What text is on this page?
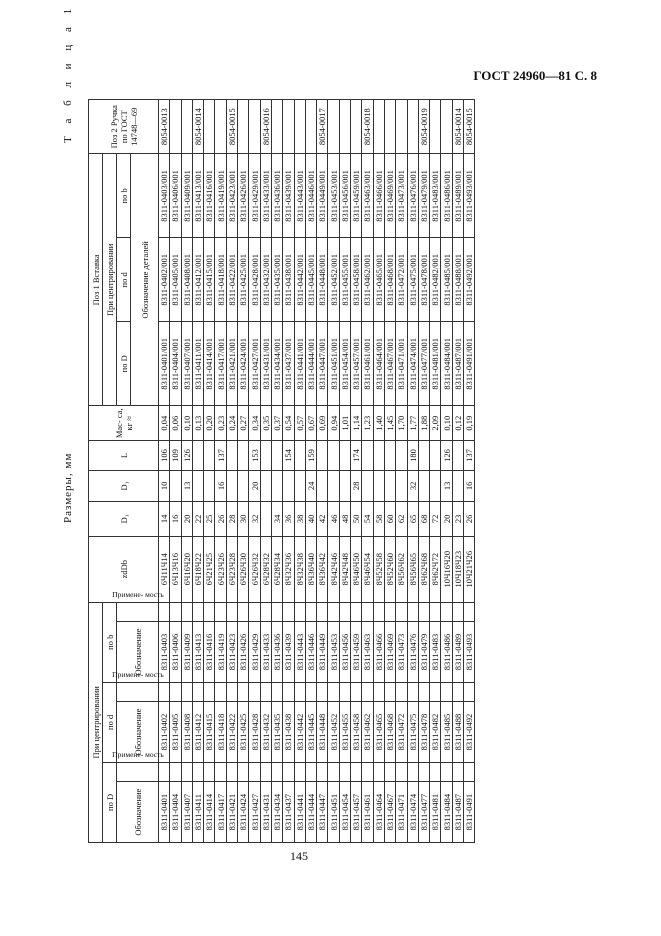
ГОСТ 24960—81 С. 8
145
Размеры, мм
Т а б л и ц а 1
При центрировании						zdDb	D₁	D₁	L	Мас- са, кг ≈	Поз 1 Вставка			Поз 2 Ручка по ГОСТ 14748—69
по D		по d		по b							При центрировании			
Обозначение	Примене- мость	Обозначение	Примене- мость	Обозначение	Примене- мость						по D	по d	по b	
											Обозначение деталей			
8311-0401		8311-0402		8311-0403		6Ч11Ч14	14	10	106	0,04	8311-0401/001	8311-0402/001	8311-0403/001	8054-0013
8311-0404		8311-0405		8311-0406		6Ч13Ч16	16		109	0,06	8311-0404/001	8311-0405/001	8311-0406/001	
8311-0407		8311-0408		8311-0409		6Ч16Ч20	20	13	126	0,10	8311-0407/001	8311-0408/001	8311-0409/001	
8311-0411		8311-0412		8311-0413		6Ч18Ч22	22			0,13	8311-0411/001	8311-0412/001	8311-0413/001	8054-0014
8311-0414		8311-0415		8311-0416		6Ч21Ч25	25			0,20	8311-0414/001	8311-0415/001	8311-0416/001	
8311-0417		8311-0418		8311-0419		6Ч23Ч26	26	16	137	0,23	8311-0417/001	8311-0418/001	8311-0419/001	
8311-0421		8311-0422		8311-0423		6Ч23Ч28	28			0,24	8311-0421/001	8311-0422/001	8311-0423/001	8054-0015
8311-0424		8311-0425		8311-0426		6Ч26Ч30	30			0,27	8311-0424/001	8311-0425/001	8311-0426/001	
8311-0427		8311-0428		8311-0429		6Ч26Ч32	32	20	153	0,34	8311-0427/001	8311-0428/001	8311-0429/001	
8311-0431		8311-0432		8311-0433		6Ч28Ч32				0,35	8311-0431/001	8311-0432/001	8311-0433/001	8054-0016
8311-0434		8311-0435		8311-0436		6Ч28Ч34	34			0,37	8311-0434/001	8311-0435/001	8311-0436/001	
8311-0437		8311-0438		8311-0439		8Ч32Ч36	36		154	0,54	8311-0437/001	8311-0438/001	8311-0439/001	
8311-0441		8311-0442		8311-0443		8Ч32Ч38	38			0,57	8311-0441/001	8311-0442/001	8311-0443/001	
8311-0444		8311-0445		8311-0446		8Ч36Ч40	40	24	159	0,67	8311-0444/001	8311-0445/001	8311-0446/001	
8311-0447		8311-0448		8311-0449		8Ч36Ч42	42			0,69	8311-0447/001	8311-0448/001	8311-0449/001	8054-0017
8311-0451		8311-0452		8311-0453		8Ч42Ч46	46			0,94	8311-0451/001	8311-0452/001	8311-0453/001	
8311-0454		8311-0455		8311-0456		8Ч42Ч48	48			1,01	8311-0454/001	8311-0455/001	8311-0456/001	
8311-0457		8311-0458		8311-0459		8Ч46Ч50	50	28	174	1,14	8311-0457/001	8311-0458/001	8311-0459/001	
8311-0461		8311-0462		8311-0463		8Ч46Ч54	54			1,23	8311-0461/001	8311-0462/001	8311-0463/001	8054-0018
8311-0464		8311-0465		8311-0466		8Ч52Ч58	58			1,40	8311-0464/001	8311-0465/001	8311-0466/001	
8311-0467		8311-0468		8311-0469		8Ч52Ч60	60			1,45	8311-0467/001	8311-0468/001	8311-0469/001	
8311-0471		8311-0472		8311-0473		8Ч56Ч62	62			1,70	8311-0471/001	8311-0472/001	8311-0473/001	
8311-0474		8311-0475		8311-0476		8Ч56Ч65	65	32	180	1,77	8311-0474/001	8311-0475/001	8311-0476/001	
8311-0477		8311-0478		8311-0479		8Ч62Ч68	68			1,88	8311-0477/001	8311-0478/001	8311-0479/001	8054-0019
8311-0481		8311-0482		8311-0483		8Ч62Ч72	72			2,09	8311-0481/001	8311-0482/001	8311-0483/001	
8311-0484		8311-0485		8311-0486		10Ч16Ч20	20	13	126	0,10	8311-0484/001	8311-0485/001	8311-0486/001	
8311-0487		8311-0488		8311-0489		10Ч18Ч23	23			0,12	8311-0487/001	8311-0488/001	8311-0489/001	8054-0014
8311-0491		8311-0492		8311-0493		10Ч21Ч26	26	16	137	0,19	8311-0491/001	8311-0492/001	8311-0493/001	8054-0015
